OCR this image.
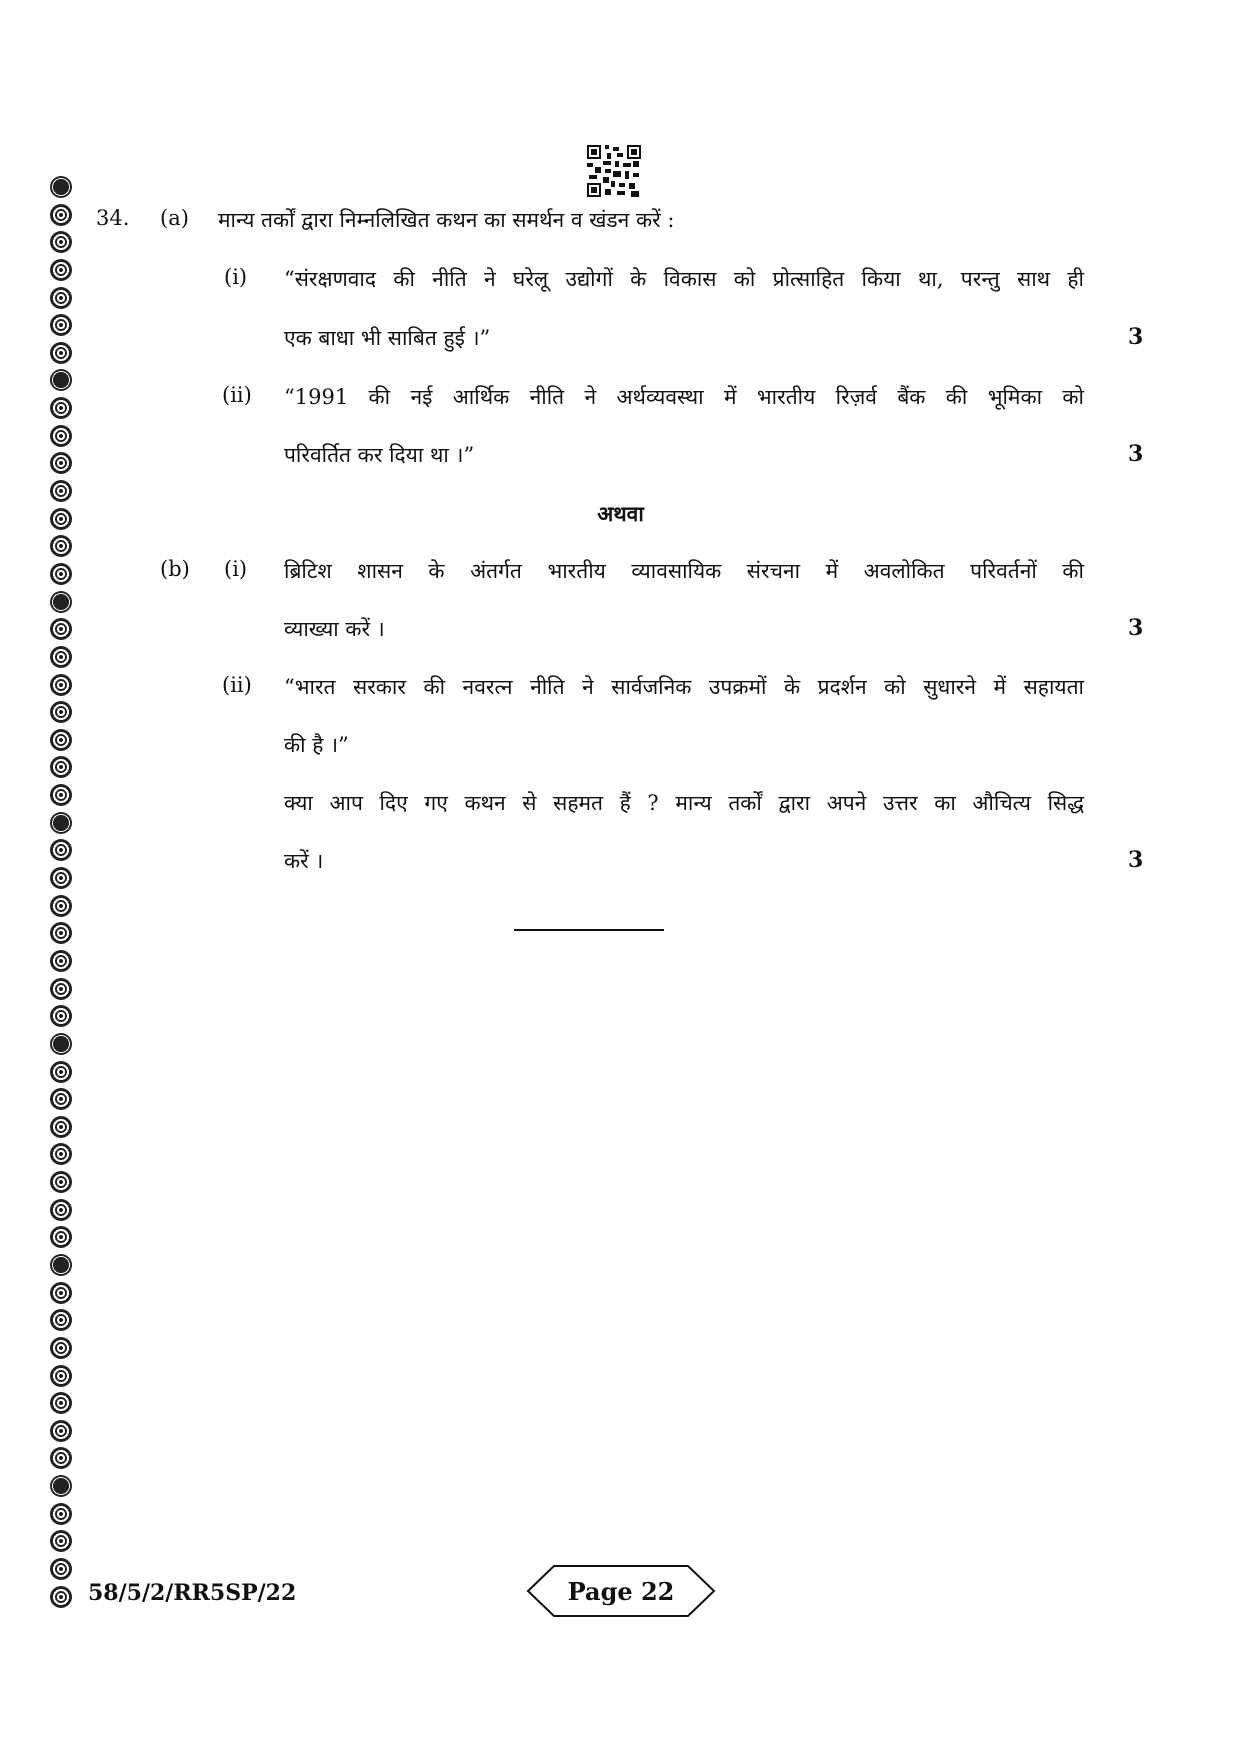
34. (a) मान्य तर्कों द्वारा निम्नलिखित कथन का समर्थन व खंडन करें :
(i) “संरक्षणवाद की नीति ने घरेलू उद्योगों के विकास को प्रोत्साहित किया था, परन्तु साथ ही
एक बाधा भी साबित हुई ।”	3
(ii) “1991 की नई आर्थिक नीति ने अर्थव्यवस्था में भारतीय रिज़र्व बैंक की भूमिका को
परिवर्तित कर दिया था ।”	3
अथवा
(b) (i) ब्रिटिश शासन के अंतर्गत भारतीय व्यावसायिक संरचना में अवलोकित परिवर्तनों की
व्याख्या करें ।	3
(ii) “भारत सरकार की नवरत्न नीति ने सार्वजनिक उपक्रमों के प्रदर्शन को सुधारने में सहायता
की है ।”
क्या आप दिए गए कथन से सहमत हैं ? मान्य तर्कों द्वारा अपने उत्तर का औचित्य सिद्ध
करें ।	3
58/5/2/RR5SP/22	Page 22
